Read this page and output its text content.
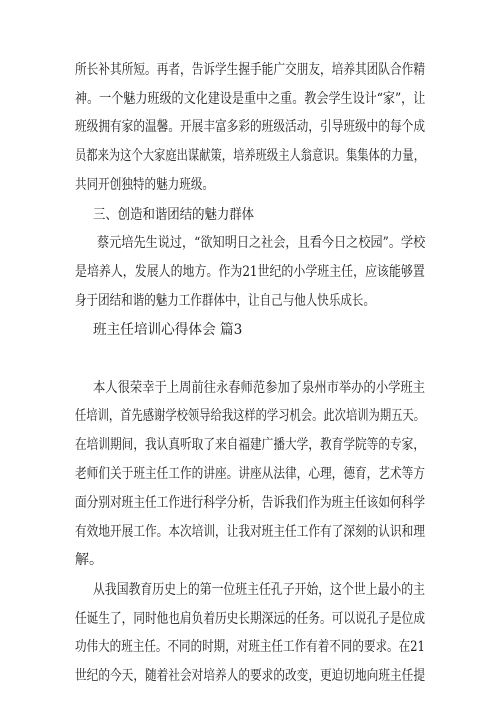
所长补其所短。再者，告诉学生握手能广交朋友，培养其团队合作精
神。一个魅力班级的文化建设是重中之重。教会学生设计“家”，让
班级拥有家的温馨。开展丰富多彩的班级活动，引导班级中的每个成
员都来为这个大家庭出谋献策，培养班级主人翁意识。集集体的力量，
共同开创独特的魅力班级。
三、创造和谐团结的魅力群体
蔡元培先生说过，“欲知明日之社会，且看今日之校园”。学校
是培养人，发展人的地方。作为21世纪的小学班主任，应该能够置
身于团结和谐的魅力工作群体中，让自己与他人快乐成长。
班主任培训心得体会 篇3
本人很荣幸于上周前往永春师范参加了泉州市举办的小学班主
任培训，首先感谢学校领导给我这样的学习机会。此次培训为期五天。
在培训期间，我认真听取了来自福建广播大学，教育学院等的专家，
老师们关于班主任工作的讲座。讲座从法律，心理，德育，艺术等方
面分别对班主任工作进行科学分析，告诉我们作为班主任该如何科学
有效地开展工作。本次培训，让我对班主任工作有了深刻的认识和理
解。
从我国教育历史上的第一位班主任孔子开始，这个世上最小的主
任诞生了，同时他也肩负着历史长期深远的任务。可以说孔子是位成
功伟大的班主任。不同的时期，对班主任工作有着不同的要求。在21
世纪的今天，随着社会对培养人的要求的改变，更迫切地向班主任提
